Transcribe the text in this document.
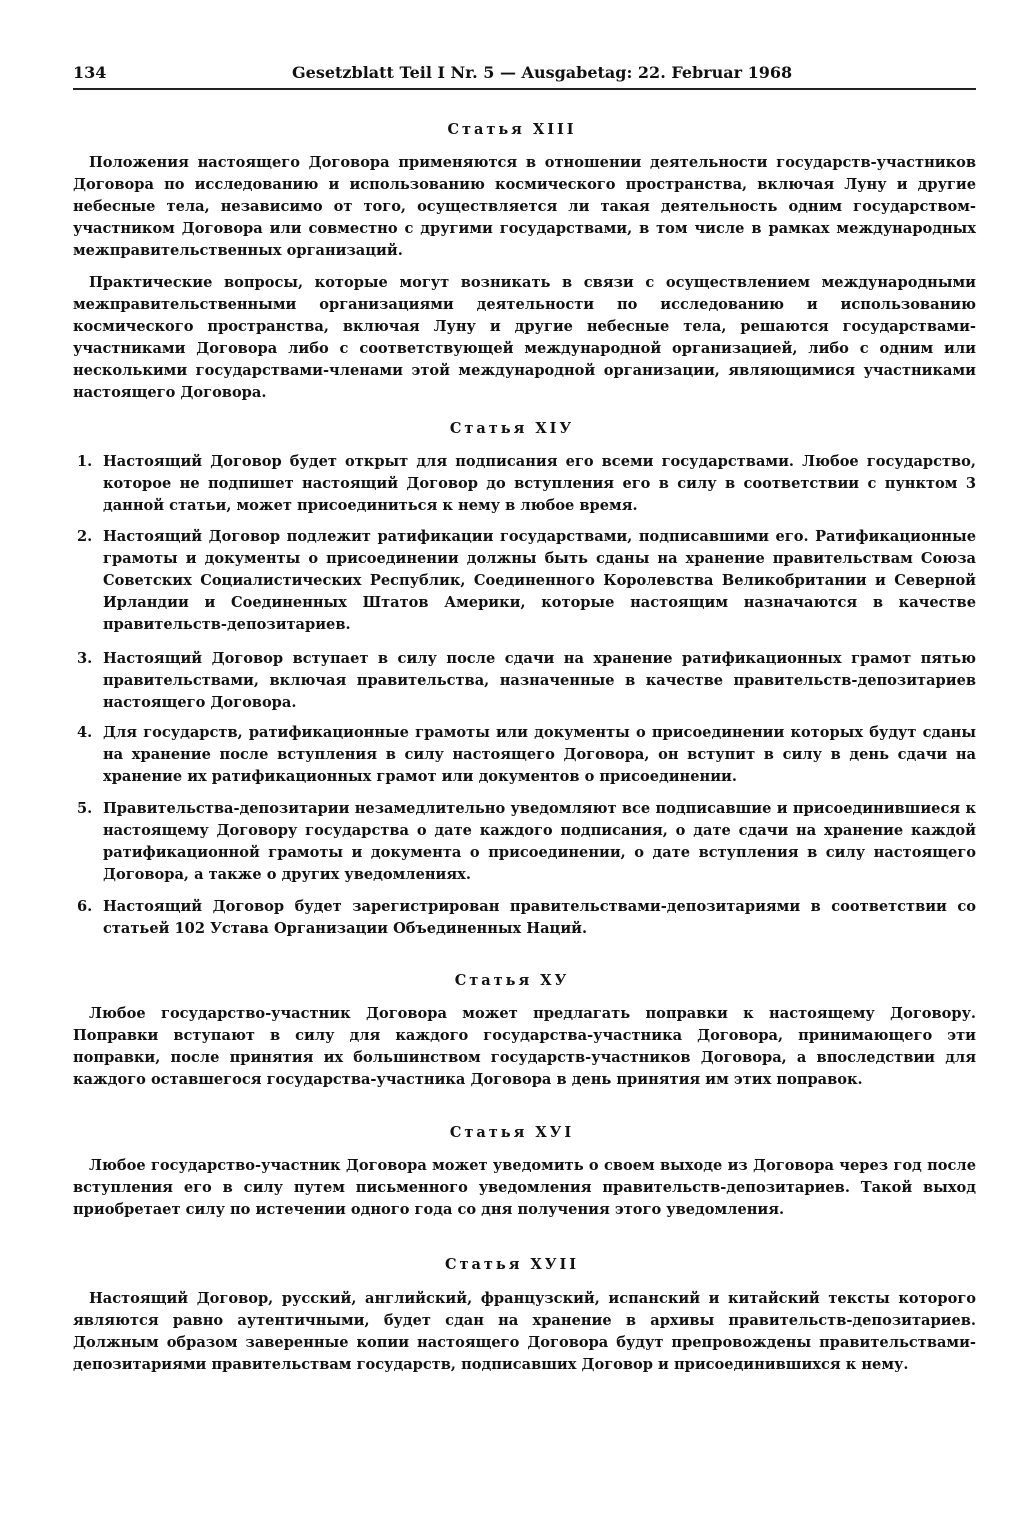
134	Gesetzblatt Teil I Nr. 5 — Ausgabetag: 22. Februar 1968
Статья XIII

Положения настоящего Договора применяются в отношении деятельности государств-участников Договора по исследованию и использованию космического пространства, включая Луну и другие небесные тела, независимо от того, осуществляется ли такая деятельность одним государством-участником Договора или совместно с другими государствами, в том числе в рамках международных межправительственных организаций.

Практические вопросы, которые могут возникать в связи с осуществлением международными межправительственными организациями деятельности по исследованию и использованию космического пространства, включая Луну и другие небесные тела, решаются государствами-участниками Договора либо с соответствующей международной организацией, либо с одним или несколькими государствами-членами этой международной организации, являющимися участниками настоящего Договора.

Статья XIУ
1. Настоящий Договор будет открыт для подписания его всеми государствами. Любое государство, которое не подпишет настоящий Договор до вступления его в силу в соответствии с пунктом 3 данной статьи, может присоединиться к нему в любое время.
2. Настоящий Договор подлежит ратификации государствами, подписавшими его. Ратификационные грамоты и документы о присоединении должны быть сданы на хранение правительствам Союза Советских Социалистических Республик, Соединенного Королевства Великобритании и Северной Ирландии и Соединенных Штатов Америки, которые настоящим назначаются в качестве правительств-депозитариев.
3. Настоящий Договор вступает в силу после сдачи на хранение ратификационных грамот пятью правительствами, включая правительства, назначенные в качестве правительств-депозитариев настоящего Договора.
4. Для государств, ратификационные грамоты или документы о присоединении которых будут сданы на хранение после вступления в силу настоящего Договора, он вступит в силу в день сдачи на хранение их ратификационных грамот или документов о присоединении.
5. Правительства-депозитарии незамедлительно уведомляют все подписавшие и присоединившиеся к настоящему Договору государства о дате каждого подписания, о дате сдачи на хранение каждой ратификационной грамоты и документа о присоединении, о дате вступления в силу настоящего Договора, а также о других уведомлениях.
6. Настоящий Договор будет зарегистрирован правительствами-депозитариями в соответствии со статьей 102 Устава Организации Объединенных Наций.
Статья XУ

Любое государство-участник Договора может предлагать поправки к настоящему Договору. Поправки вступают в силу для каждого государства-участника Договора, принимающего эти поправки, после принятия их большинством государств-участников Договора, а впоследствии для каждого оставшегося государства-участника Договора в день принятия им этих поправок.

Статья XУI

Любое государство-участник Договора может уведомить о своем выходе из Договора через год после вступления его в силу путем письменного уведомления правительств-депозитариев. Такой выход приобретает силу по истечении одного года со дня получения этого уведомления.

Статья XУII

Настоящий Договор, русский, английский, французский, испанский и китайский тексты которого являются равно аутентичными, будет сдан на хранение в архивы правительств-депозитариев. Должным образом заверенные копии настоящего Договора будут препровождены правительствами-депозитариями правительствам государств, подписавших Договор и присоединившихся к нему.
